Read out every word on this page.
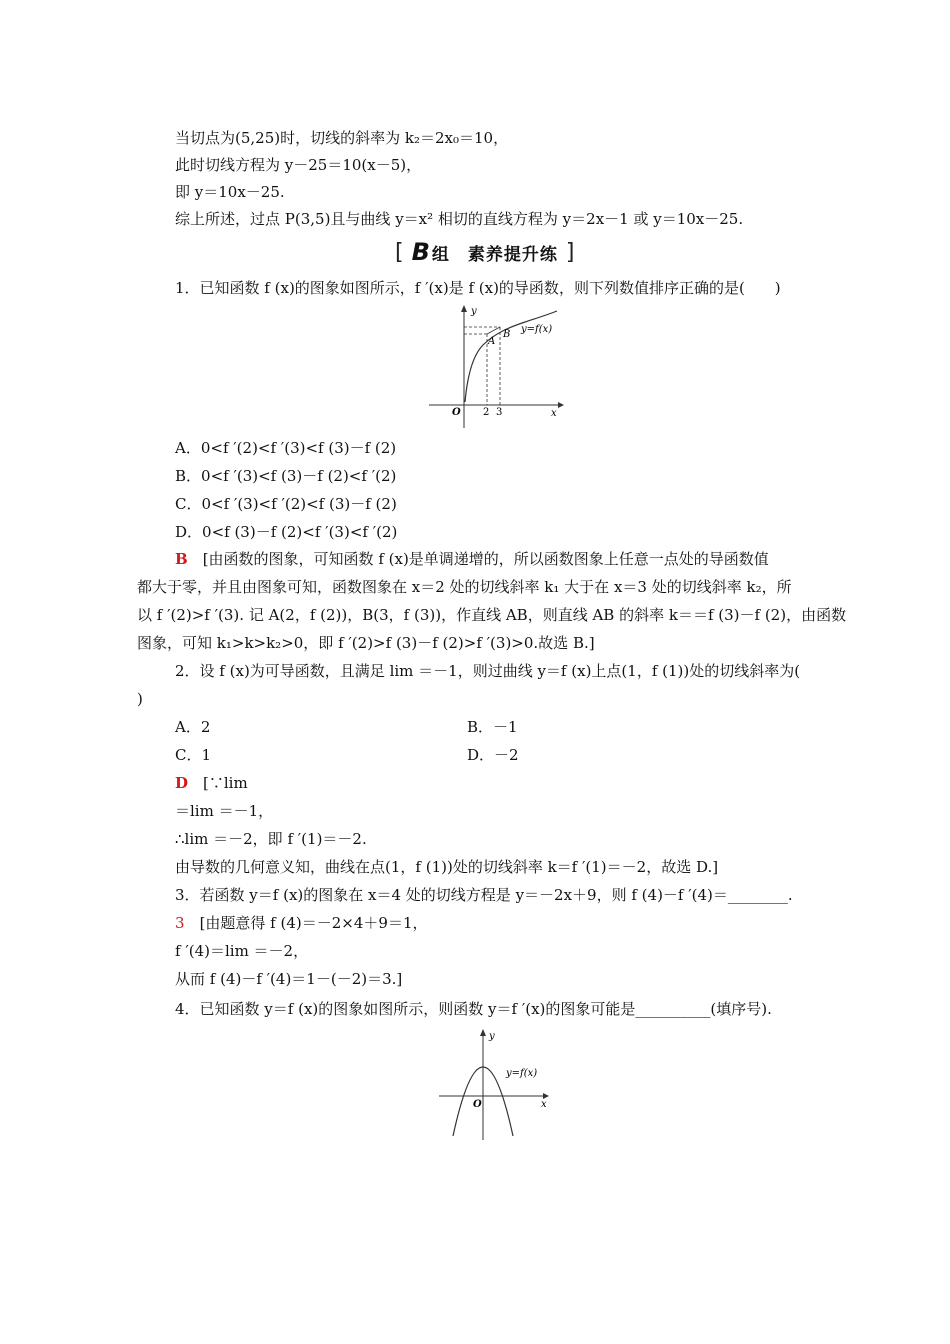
当切点为(5,25)时，切线的斜率为 k₂＝2x₀＝10，
此时切线方程为 y－25＝10(x－5)，
即 y＝10x－25.
综上所述，过点 P(3,5)且与曲线 y＝x² 相切的直线方程为 y＝2x－1 或 y＝10x－25.
[ B 组　素养提升练 ]
1．已知函数 f (x)的图象如图所示，f ′(x)是 f (x)的导函数，则下列数值排序正确的是(　　)
y
x
O 2 3
A
B y=f(x)
A．0<f ′(2)<f ′(3)<f (3)－f (2)
B．0<f ′(3)<f (3)－f (2)<f ′(2)
C．0<f ′(3)<f ′(2)<f (3)－f (2)
D．0<f (3)－f (2)<f ′(3)<f ′(2)
B　 [由函数的图象，可知函数 f (x)是单调递增的，所以函数图象上任意一点处的导函数值
都大于零，并且由图象可知，函数图象在 x＝2 处的切线斜率 k₁ 大于在 x＝3 处的切线斜率 k₂，所
以 f ′(2)>f ′(3). 记 A(2，f (2))，B(3，f (3))，作直线 AB，则直线 AB 的斜率 k＝＝f (3)－f (2)，由函数
图象，可知 k₁>k>k₂>0，即 f ′(2)>f (3)－f (2)>f ′(3)>0.故选 B.]
2．设 f (x)为可导函数，且满足 lim ＝－1，则过曲线 y＝f (x)上点(1，f (1))处的切线斜率为(
)
A．2	B．－1
C．1	D．－2
D　 [∵lim
＝lim ＝－1，
∴lim ＝－2，即 f ′(1)＝－2.
由导数的几何意义知，曲线在点(1，f (1))处的切线斜率 k＝f ′(1)＝－2，故选 D.]
3．若函数 y＝f (x)的图象在 x＝4 处的切线方程是 y＝－2x＋9，则 f (4)－f ′(4)＝________.
3　 [由题意得 f (4)＝－2×4＋9＝1，
f ′(4)＝lim ＝－2，
从而 f (4)－f ′(4)＝1－(－2)＝3.]
4．已知函数 y＝f (x)的图象如图所示，则函数 y＝f ′(x)的图象可能是__________(填序号).
y
x
O
y=f(x)
